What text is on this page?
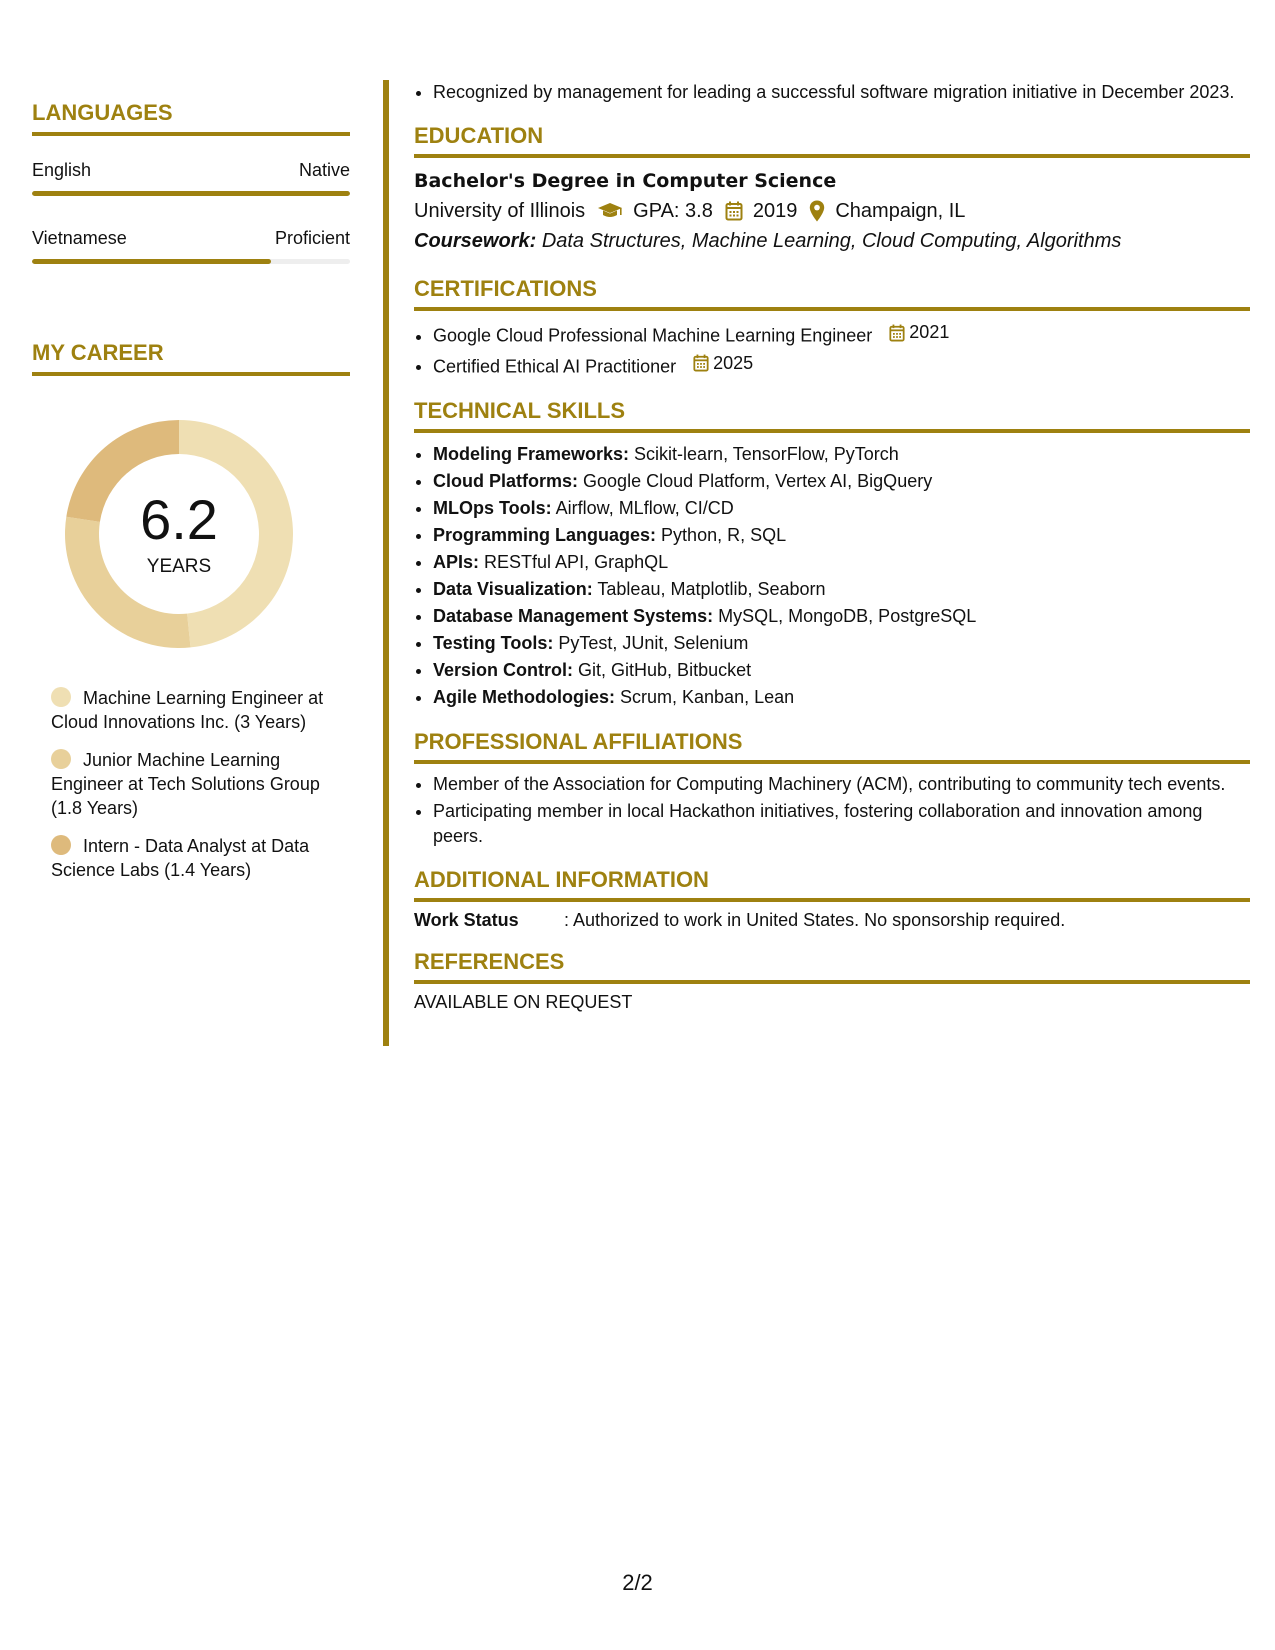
LANGUAGES
English	Native
Vietnamese	Proficient
MY CAREER
6.2
YEARS
Machine Learning Engineer at Cloud Innovations Inc. (3 Years)
Junior Machine Learning Engineer at Tech Solutions Group (1.8 Years)
Intern - Data Analyst at Data Science Labs (1.4 Years)
• Recognized by management for leading a successful software migration initiative in December 2023.
EDUCATION
Bachelor's Degree in Computer Science
University of Illinois GPA: 3.8 2019 Champaign, IL
Coursework: Data Structures, Machine Learning, Cloud Computing, Algorithms
CERTIFICATIONS
• Google Cloud Professional Machine Learning Engineer 2021
• Certified Ethical AI Practitioner 2025
TECHNICAL SKILLS
• Modeling Frameworks: Scikit-learn, TensorFlow, PyTorch
• Cloud Platforms: Google Cloud Platform, Vertex AI, BigQuery
• MLOps Tools: Airflow, MLflow, CI/CD
• Programming Languages: Python, R, SQL
• APIs: RESTful API, GraphQL
• Data Visualization: Tableau, Matplotlib, Seaborn
• Database Management Systems: MySQL, MongoDB, PostgreSQL
• Testing Tools: PyTest, JUnit, Selenium
• Version Control: Git, GitHub, Bitbucket
• Agile Methodologies: Scrum, Kanban, Lean
PROFESSIONAL AFFILIATIONS
• Member of the Association for Computing Machinery (ACM), contributing to community tech events.
• Participating member in local Hackathon initiatives, fostering collaboration and innovation among peers.
ADDITIONAL INFORMATION
Work Status	: Authorized to work in United States. No sponsorship required.
REFERENCES
AVAILABLE ON REQUEST
2/2
